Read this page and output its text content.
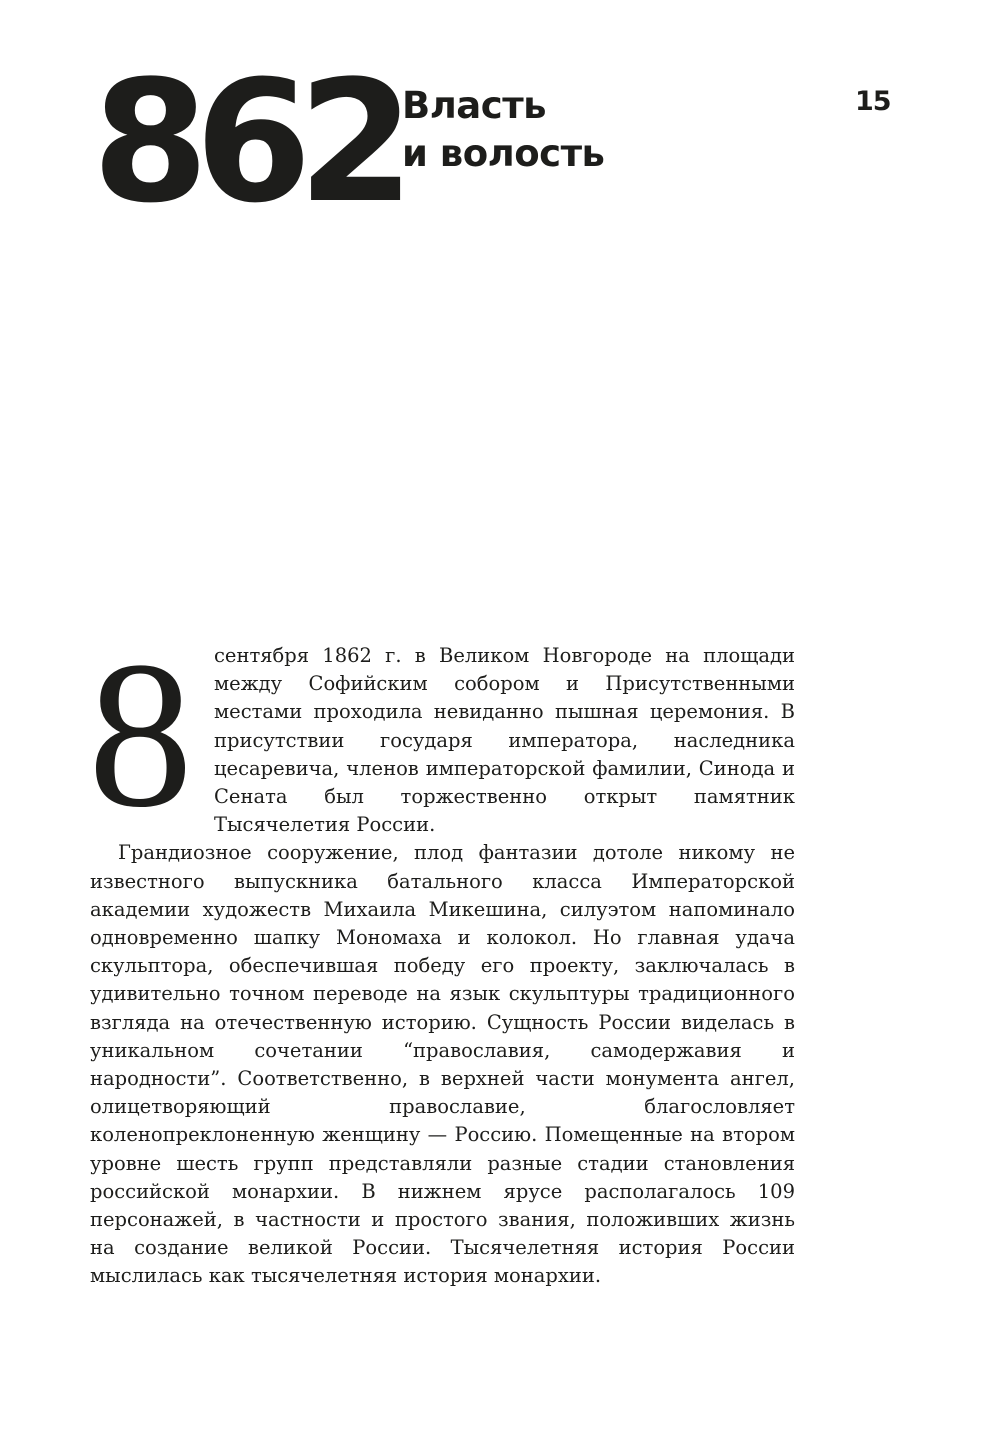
862 Власть
и волость
15
8	сентября 1862 г. в Великом Новгороде на площади между Софийским собором и Присутственными местами проходила невиданно пышная церемония. В присутствии государя императора, наследника цесаревича, членов императорской фамилии, Синода и Сената был торжественно открыт памятник Тысячелетия России.

Грандиозное сооружение, плод фантазии дотоле никому не известного выпускника батального класса Императорской академии художеств Михаила Микешина, силуэтом напоминало одновременно шапку Мономаха и колокол. Но главная удача скульптора, обеспечившая победу его проекту, заключалась в удивительно точном переводе на язык скульптуры традиционного взгляда на отечественную историю. Сущность России виделась в уникальном сочетании “православия, самодержавия и народности”. Соответственно, в верхней части монумента ангел, олицетворяющий православие, благословляет коленопреклоненную женщину — Россию. Помещенные на втором уровне шесть групп представляли разные стадии становления российской монархии. В нижнем ярусе располагалось 109 персонажей, в частности и простого звания, положивших жизнь на создание великой России. Тысячелетняя история России мыслилась как тысячелетняя история монархии.
